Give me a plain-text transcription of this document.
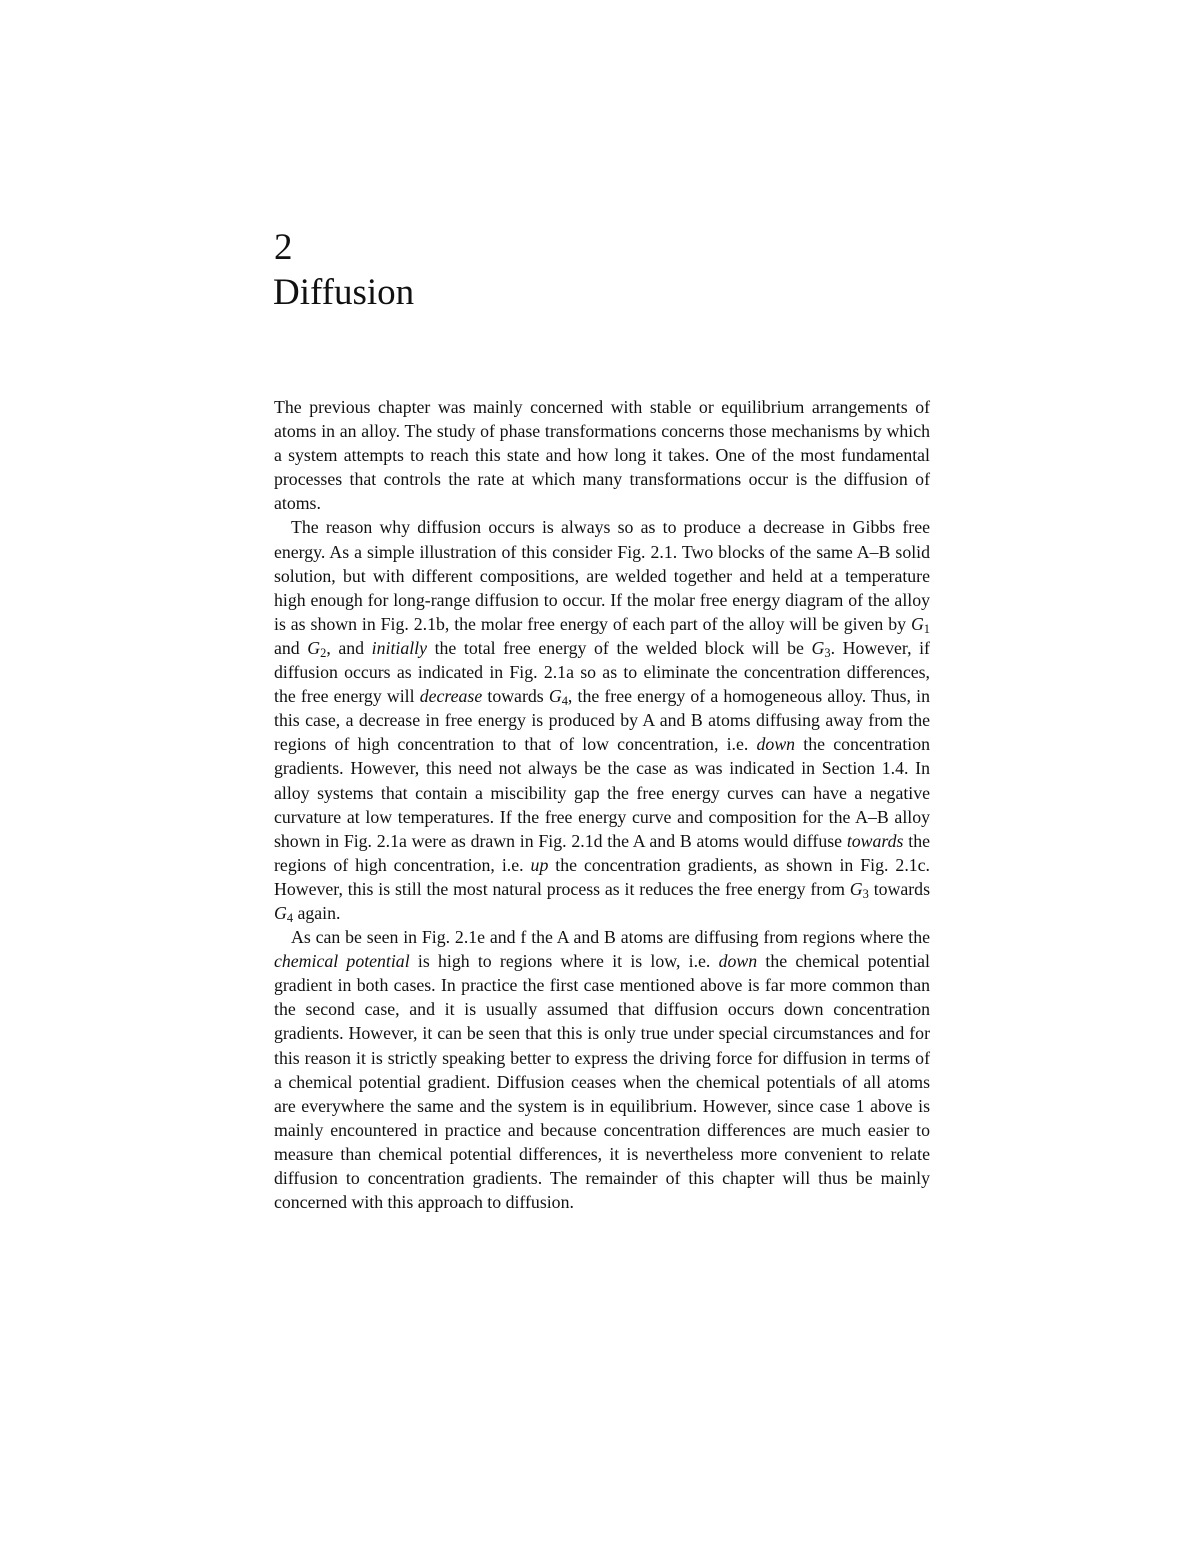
2
Diffusion

The previous chapter was mainly concerned with stable or equilibrium arrangements of atoms in an alloy. The study of phase transformations concerns those mechanisms by which a system attempts to reach this state and how long it takes. One of the most fundamental processes that controls the rate at which many transformations occur is the diffusion of atoms.

The reason why diffusion occurs is always so as to produce a decrease in Gibbs free energy. As a simple illustration of this consider Fig. 2.1. Two blocks of the same A–B solid solution, but with different compositions, are welded together and held at a temperature high enough for long-range diffusion to occur. If the molar free energy diagram of the alloy is as shown in Fig. 2.1b, the molar free energy of each part of the alloy will be given by $G_1$ and $G_2$, and initially the total free energy of the welded block will be $G_3$. However, if diffusion occurs as indicated in Fig. 2.1a so as to eliminate the concentration differences, the free energy will decrease towards $G_4$, the free energy of a homogeneous alloy. Thus, in this case, a decrease in free energy is produced by A and B atoms diffusing away from the regions of high concentration to that of low concentration, i.e. down the concentration gradients. However, this need not always be the case as was indicated in Section 1.4. In alloy systems that contain a miscibility gap the free energy curves can have a negative curvature at low temperatures. If the free energy curve and composition for the A–B alloy shown in Fig. 2.1a were as drawn in Fig. 2.1d the A and B atoms would diffuse towards the regions of high concentration, i.e. up the concentration gradients, as shown in Fig. 2.1c. However, this is still the most natural process as it reduces the free energy from $G_3$ towards $G_4$ again.

As can be seen in Fig. 2.1e and f the A and B atoms are diffusing from regions where the chemical potential is high to regions where it is low, i.e. down the chemical potential gradient in both cases. In practice the first case mentioned above is far more common than the second case, and it is usually assumed that diffusion occurs down concentration gradients. However, it can be seen that this is only true under special circumstances and for this reason it is strictly speaking better to express the driving force for diffusion in terms of a chemical potential gradient. Diffusion ceases when the chemical potentials of all atoms are everywhere the same and the system is in equilibrium. However, since case 1 above is mainly encountered in practice and because concentration differences are much easier to measure than chemical potential differences, it is nevertheless more convenient to relate diffusion to concentration gradients. The remainder of this chapter will thus be mainly concerned with this approach to diffusion.
